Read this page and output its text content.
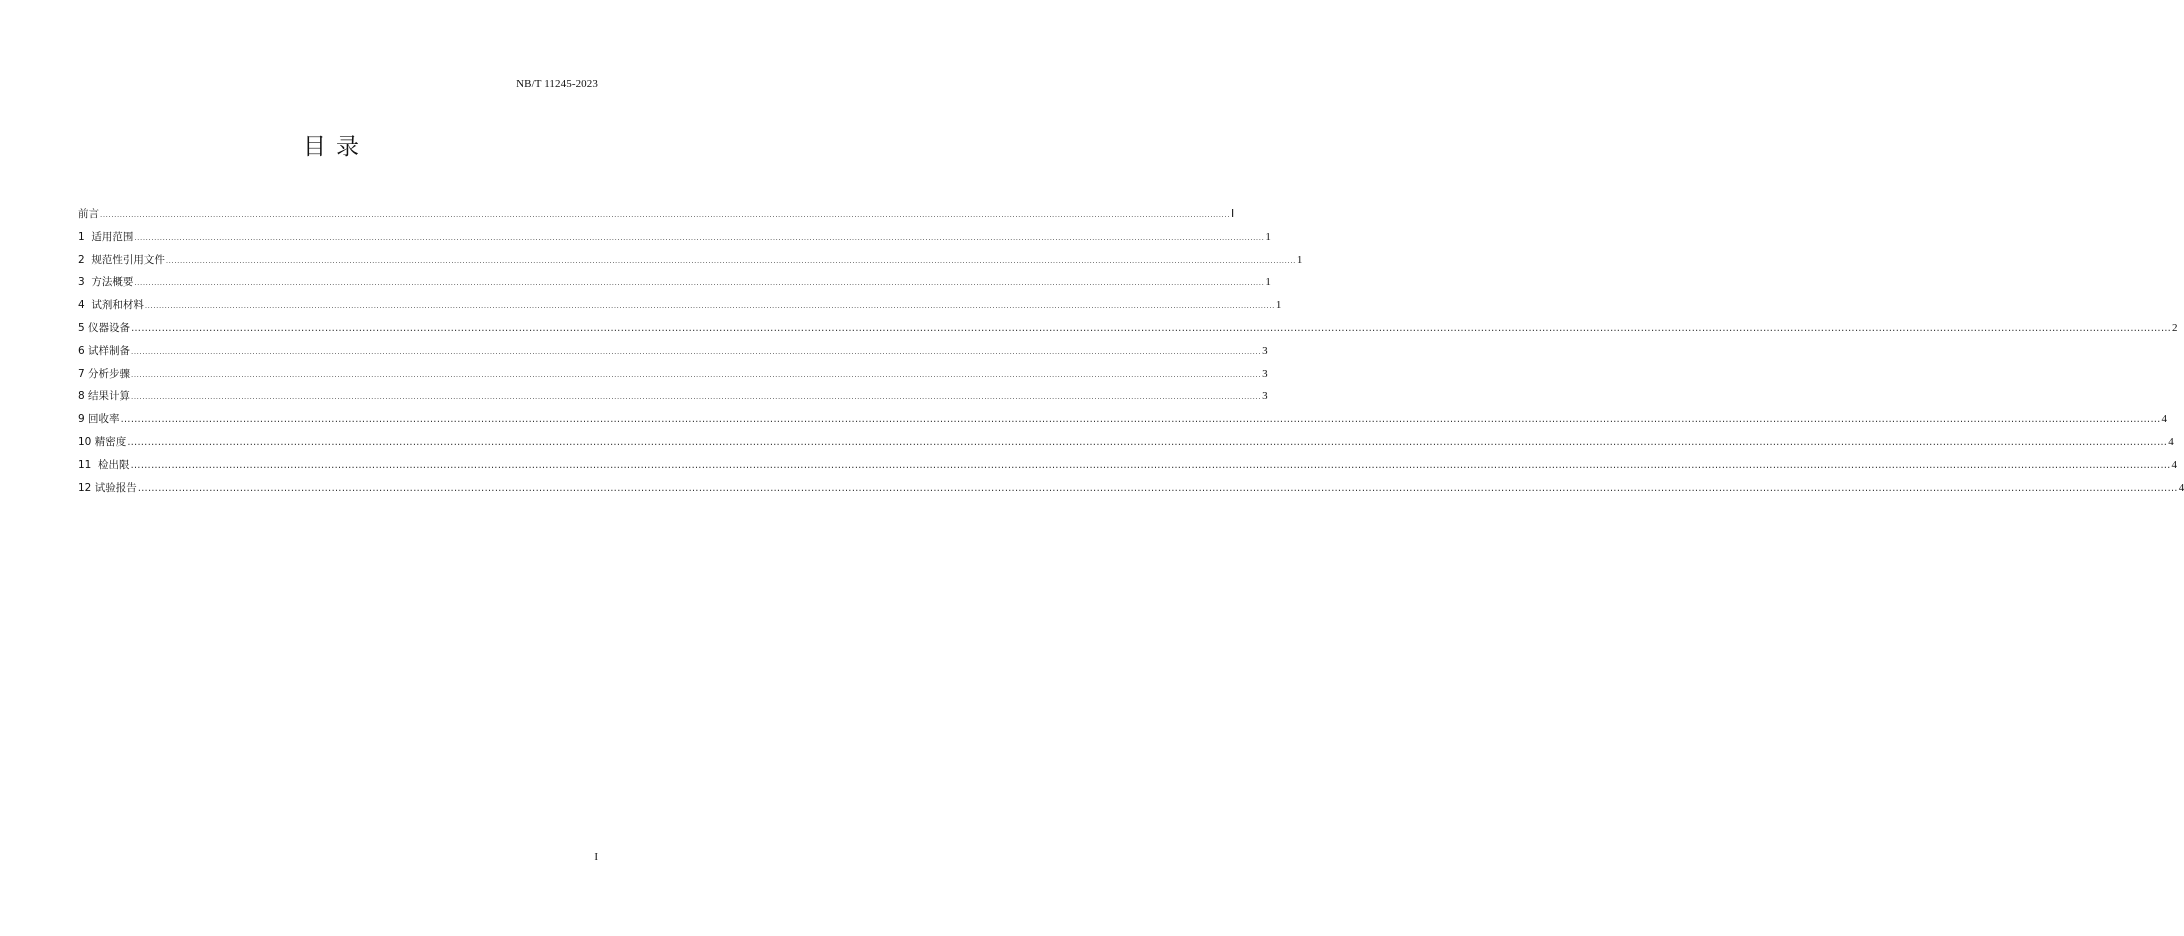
NB/T 11245-2023
目录
前言 ................................................................................................................................................................................................................................................................................................................................................................................................................ Ⅰ
1  适用范围 ................................................................................................................................................................................................................................................................................................................................................................................................................ 1
2  规范性引用文件 ................................................................................................................................................................................................................................................................................................................................................................................................................ 1
3  方法概要 ................................................................................................................................................................................................................................................................................................................................................................................................................ 1
4  试剂和材料 ................................................................................................................................................................................................................................................................................................................................................................................................................ 1
5 仪器设备 …………………………………………………………………………………………………………………………………………………………………………………………………………………………………………………………………………………………………………………………………………………………………………………………………………………………………………………………………………………………………………………………………………………… 2
6 试样制备 ................................................................................................................................................................................................................................................................................................................................................................................................................ 3
7 分析步骤 ................................................................................................................................................................................................................................................................................................................................................................................................................ 3
8 结果计算 ................................................................................................................................................................................................................................................................................................................................................................................................................ 3
9 回收率 …………………………………………………………………………………………………………………………………………………………………………………………………………………………………………………………………………………………………………………………………………………………………………………………………………………………………………………………………………………………………………………………………………………… 4
10 精密度 …………………………………………………………………………………………………………………………………………………………………………………………………………………………………………………………………………………………………………………………………………………………………………………………………………………………………………………………………………………………………………………………………………………… 4
11  检出限 …………………………………………………………………………………………………………………………………………………………………………………………………………………………………………………………………………………………………………………………………………………………………………………………………………………………………………………………………………………………………………………………………………………… 4
12 试验报告 …………………………………………………………………………………………………………………………………………………………………………………………………………………………………………………………………………………………………………………………………………………………………………………………………………………………………………………………………………………………………………………………………………………… 4
I
